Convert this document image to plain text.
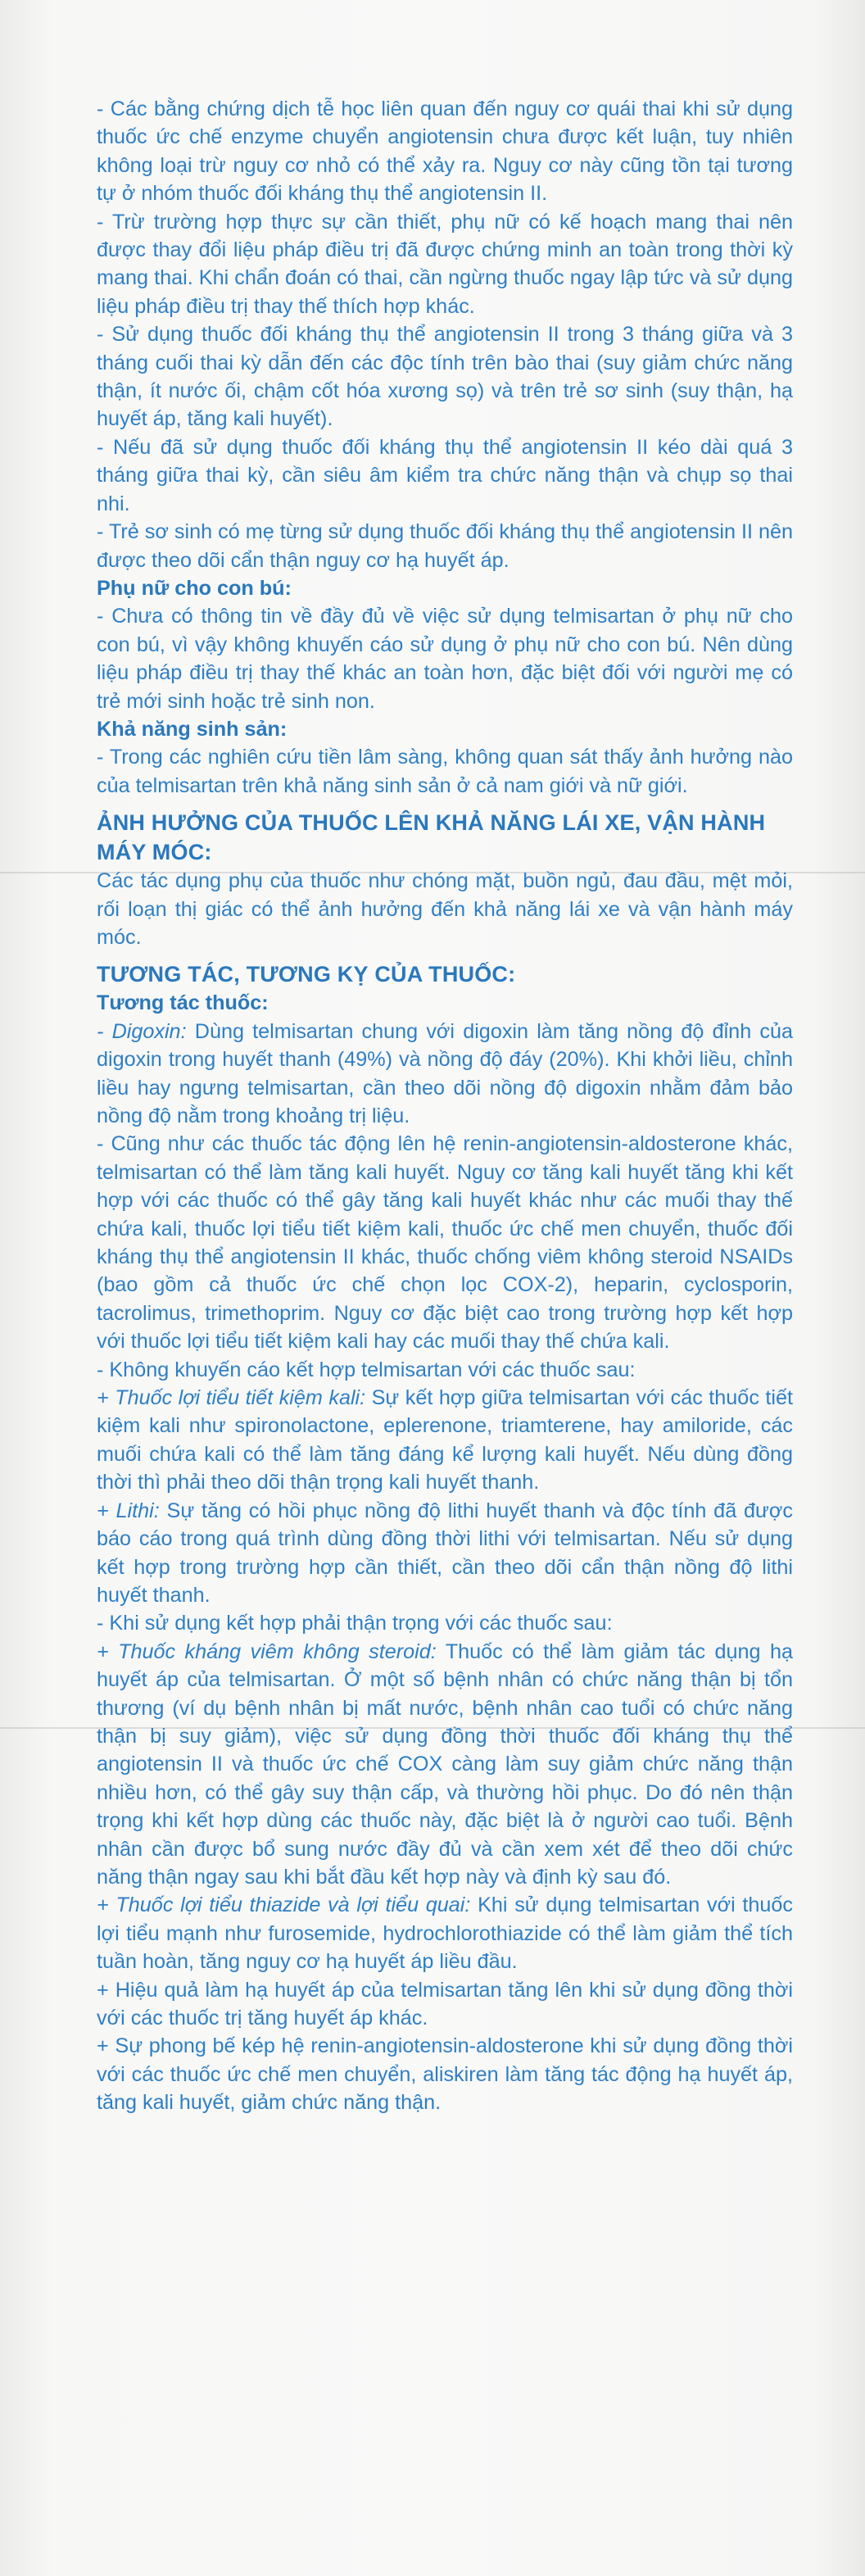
- Các bằng chứng dịch tễ học liên quan đến nguy cơ quái thai khi sử dụng thuốc ức chế enzyme chuyển angiotensin chưa được kết luận, tuy nhiên không loại trừ nguy cơ nhỏ có thể xảy ra. Nguy cơ này cũng tồn tại tương tự ở nhóm thuốc đối kháng thụ thể angiotensin II.

- Trừ trường hợp thực sự cần thiết, phụ nữ có kế hoạch mang thai nên được thay đổi liệu pháp điều trị đã được chứng minh an toàn trong thời kỳ mang thai. Khi chẩn đoán có thai, cần ngừng thuốc ngay lập tức và sử dụng liệu pháp điều trị thay thế thích hợp khác.

- Sử dụng thuốc đối kháng thụ thể angiotensin II trong 3 tháng giữa và 3 tháng cuối thai kỳ dẫn đến các độc tính trên bào thai (suy giảm chức năng thận, ít nước ối, chậm cốt hóa xương sọ) và trên trẻ sơ sinh (suy thận, hạ huyết áp, tăng kali huyết).

- Nếu đã sử dụng thuốc đối kháng thụ thể angiotensin II kéo dài quá 3 tháng giữa thai kỳ, cần siêu âm kiểm tra chức năng thận và chụp sọ thai nhi.

- Trẻ sơ sinh có mẹ từng sử dụng thuốc đối kháng thụ thể angiotensin II nên được theo dõi cẩn thận nguy cơ hạ huyết áp.

Phụ nữ cho con bú:

- Chưa có thông tin về đầy đủ về việc sử dụng telmisartan ở phụ nữ cho con bú, vì vậy không khuyến cáo sử dụng ở phụ nữ cho con bú. Nên dùng liệu pháp điều trị thay thế khác an toàn hơn, đặc biệt đối với người mẹ có trẻ mới sinh hoặc trẻ sinh non.

Khả năng sinh sản:

- Trong các nghiên cứu tiền lâm sàng, không quan sát thấy ảnh hưởng nào của telmisartan trên khả năng sinh sản ở cả nam giới và nữ giới.

ẢNH HƯỞNG CỦA THUỐC LÊN KHẢ NĂNG LÁI XE, VẬN HÀNH MÁY MÓC:

Các tác dụng phụ của thuốc như chóng mặt, buồn ngủ, đau đầu, mệt mỏi, rối loạn thị giác có thể ảnh hưởng đến khả năng lái xe và vận hành máy móc.

TƯƠNG TÁC, TƯƠNG KỴ CỦA THUỐC:
Tương tác thuốc:

- Digoxin: Dùng telmisartan chung với digoxin làm tăng nồng độ đỉnh của digoxin trong huyết thanh (49%) và nồng độ đáy (20%). Khi khởi liều, chỉnh liều hay ngưng telmisartan, cần theo dõi nồng độ digoxin nhằm đảm bảo nồng độ nằm trong khoảng trị liệu.

- Cũng như các thuốc tác động lên hệ renin-angiotensin-aldosterone khác, telmisartan có thể làm tăng kali huyết. Nguy cơ tăng kali huyết tăng khi kết hợp với các thuốc có thể gây tăng kali huyết khác như các muối thay thế chứa kali, thuốc lợi tiểu tiết kiệm kali, thuốc ức chế men chuyển, thuốc đối kháng thụ thể angiotensin II khác, thuốc chống viêm không steroid NSAIDs (bao gồm cả thuốc ức chế chọn lọc COX-2), heparin, cyclosporin, tacrolimus, trimethoprim. Nguy cơ đặc biệt cao trong trường hợp kết hợp với thuốc lợi tiểu tiết kiệm kali hay các muối thay thế chứa kali.

- Không khuyến cáo kết hợp telmisartan với các thuốc sau:

+ Thuốc lợi tiểu tiết kiệm kali: Sự kết hợp giữa telmisartan với các thuốc tiết kiệm kali như spironolactone, eplerenone, triamterene, hay amiloride, các muối chứa kali có thể làm tăng đáng kể lượng kali huyết. Nếu dùng đồng thời thì phải theo dõi thận trọng kali huyết thanh.

+ Lithi: Sự tăng có hồi phục nồng độ lithi huyết thanh và độc tính đã được báo cáo trong quá trình dùng đồng thời lithi với telmisartan. Nếu sử dụng kết hợp trong trường hợp cần thiết, cần theo dõi cẩn thận nồng độ lithi huyết thanh.

- Khi sử dụng kết hợp phải thận trọng với các thuốc sau:

+ Thuốc kháng viêm không steroid: Thuốc có thể làm giảm tác dụng hạ huyết áp của telmisartan. Ở một số bệnh nhân có chức năng thận bị tổn thương (ví dụ bệnh nhân bị mất nước, bệnh nhân cao tuổi có chức năng thận bị suy giảm), việc sử dụng đồng thời thuốc đối kháng thụ thể angiotensin II và thuốc ức chế COX càng làm suy giảm chức năng thận nhiều hơn, có thể gây suy thận cấp, và thường hồi phục. Do đó nên thận trọng khi kết hợp dùng các thuốc này, đặc biệt là ở người cao tuổi. Bệnh nhân cần được bổ sung nước đầy đủ và cần xem xét để theo dõi chức năng thận ngay sau khi bắt đầu kết hợp này và định kỳ sau đó.

+ Thuốc lợi tiểu thiazide và lợi tiểu quai: Khi sử dụng telmisartan với thuốc lợi tiểu mạnh như furosemide, hydrochlorothiazide có thể làm giảm thể tích tuần hoàn, tăng nguy cơ hạ huyết áp liều đầu.

+ Hiệu quả làm hạ huyết áp của telmisartan tăng lên khi sử dụng đồng thời với các thuốc trị tăng huyết áp khác.

+ Sự phong bế kép hệ renin-angiotensin-aldosterone khi sử dụng đồng thời với các thuốc ức chế men chuyển, aliskiren làm tăng tác động hạ huyết áp, tăng kali huyết, giảm chức năng thận.
